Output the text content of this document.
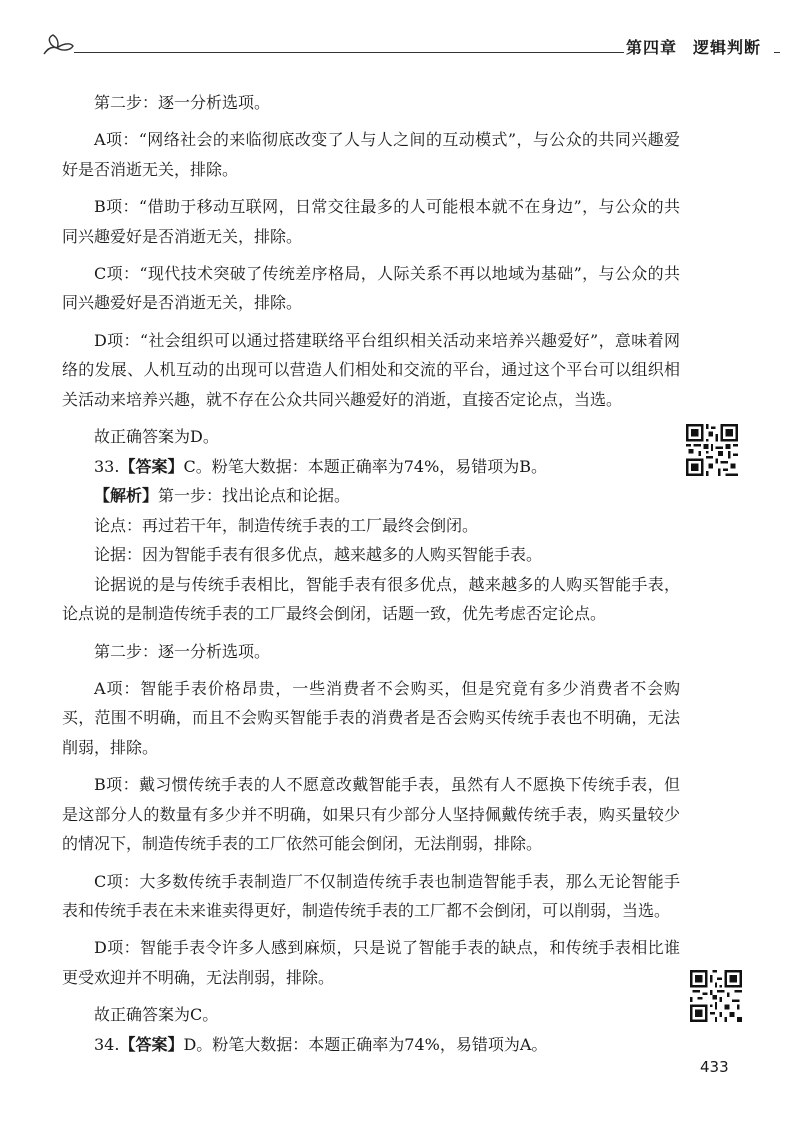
第四章 逻辑判断

第二步：逐一分析选项。

A项：“网络社会的来临彻底改变了人与人之间的互动模式”，与公众的共同兴趣爱好是否消逝无关，排除。

B项：“借助于移动互联网，日常交往最多的人可能根本就不在身边”，与公众的共同兴趣爱好是否消逝无关，排除。

C项：“现代技术突破了传统差序格局，人际关系不再以地域为基础”，与公众的共同兴趣爱好是否消逝无关，排除。

D项：“社会组织可以通过搭建联络平台组织相关活动来培养兴趣爱好”，意味着网络的发展、人机互动的出现可以营造人们相处和交流的平台，通过这个平台可以组织相关活动来培养兴趣，就不存在公众共同兴趣爱好的消逝，直接否定论点，当选。

故正确答案为D。

33.【答案】C。粉笔大数据：本题正确率为74%，易错项为B。

【解析】第一步：找出论点和论据。

论点：再过若干年，制造传统手表的工厂最终会倒闭。

论据：因为智能手表有很多优点，越来越多的人购买智能手表。

论据说的是与传统手表相比，智能手表有很多优点，越来越多的人购买智能手表，论点说的是制造传统手表的工厂最终会倒闭，话题一致，优先考虑否定论点。

第二步：逐一分析选项。

A项：智能手表价格昂贵，一些消费者不会购买，但是究竟有多少消费者不会购买，范围不明确，而且不会购买智能手表的消费者是否会购买传统手表也不明确，无法削弱，排除。

B项：戴习惯传统手表的人不愿意改戴智能手表，虽然有人不愿换下传统手表，但是这部分人的数量有多少并不明确，如果只有少部分人坚持佩戴传统手表，购买量较少的情况下，制造传统手表的工厂依然可能会倒闭，无法削弱，排除。

C项：大多数传统手表制造厂不仅制造传统手表也制造智能手表，那么无论智能手表和传统手表在未来谁卖得更好，制造传统手表的工厂都不会倒闭，可以削弱，当选。

D项：智能手表令许多人感到麻烦，只是说了智能手表的缺点，和传统手表相比谁更受欢迎并不明确，无法削弱，排除。

故正确答案为C。

34.【答案】D。粉笔大数据：本题正确率为74%，易错项为A。

433
